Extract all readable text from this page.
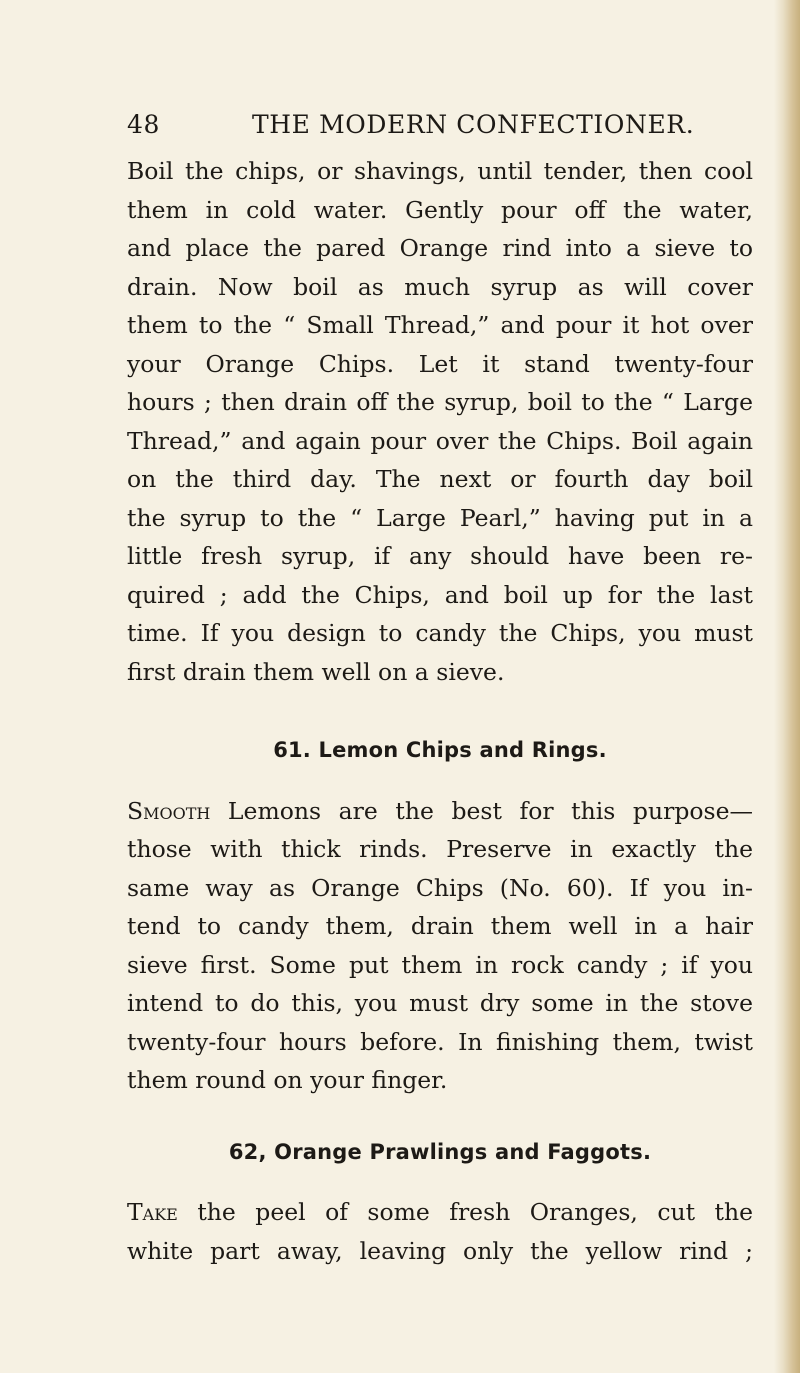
48	THE MODERN CONFECTIONER.
Boil the chips, or shavings, until tender, then cool
them in cold water. Gently pour off the water,
and place the pared Orange rind into a sieve to
drain. Now boil as much syrup as will cover
them to the “ Small Thread,” and pour it hot over
your Orange Chips. Let it stand twenty-four
hours ; then drain off the syrup, boil to the “ Large
Thread,” and again pour over the Chips. Boil again
on the third day. The next or fourth day boil
the syrup to the “ Large Pearl,” having put in a
little fresh syrup, if any should have been re-
quired ; add the Chips, and boil up for the last
time. If you design to candy the Chips, you must
first drain them well on a sieve.
61. Lemon Chips and Rings.
Smooth Lemons are the best for this purpose—
those with thick rinds. Preserve in exactly the
same way as Orange Chips (No. 60). If you in-
tend to candy them, drain them well in a hair
sieve first. Some put them in rock candy ; if you
intend to do this, you must dry some in the stove
twenty-four hours before. In finishing them, twist
them round on your finger.
62, Orange Prawlings and Faggots.
Take the peel of some fresh Oranges, cut the
white part away, leaving only the yellow rind ;
